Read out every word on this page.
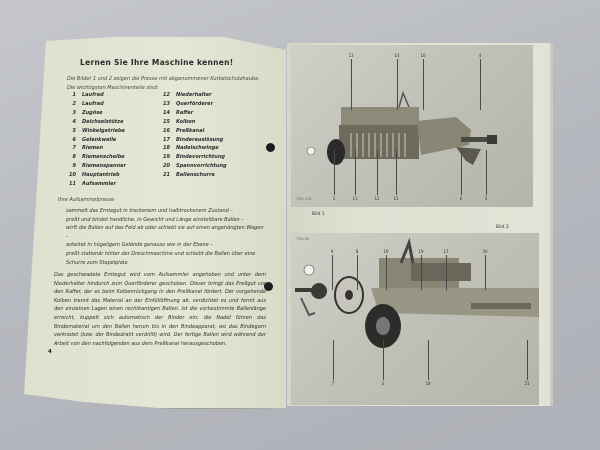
Lernen Sie Ihre Maschine kennen!
Die Bilder 1 und 2 zeigen die Presse mit abgenommener Kurbelschutzhaube. Die wichtigsten Maschinenteile sind:
1 Laufrad
2 Laufrad
3 Zugöse
4 Deichselstütze
5 Winkelgetriebe
6 Gelenkwelle
7 Riemen
8 Riemenscheibe
9 Riemenspanner
10 Hauptantrieb
11 Aufsammler
12 Niederhalter
13 Querförderer
14 Raffer
15 Kolben
16 Preßkanal
17 Binderauslösung
18 Nadelschwinge
19 Bindevorrichtung
20 Spannvorrichtung
21 Ballenschurre
Ihre Aufsammelpresse
sammelt das Erntegut in trockenem und halbtrockenem Zustand –
preßt und bindet handliche, in Gewicht und Länge einstellbare Ballen –
wirft die Ballen auf das Feld ab oder schiebt sie auf einen angehängten Wagen –
arbeitet in hügeligem Gelände genauso wie in der Ebene –
preßt stationär hinter der Dreschmaschine und schiebt die Ballen über eine Schurre zum Stapelplatz.
Das geschwadete Erntegut wird vom Aufsammler angehoben und unter dem Niederhalter hindurch zum Querförderer geschoben. Dieser bringt das Preßgut vor den Raffer, der es beim Kolbenrückgang in den Preßkanal fördert. Der vorgehende Kolben trennt das Material an der Einfüllöffnung ab, verdichtet es und formt aus den einzelnen Lagen einen rechtkantigen Ballen. Ist die vorbestimmte Ballenlänge erreicht, kuppelt sich automatisch der Binder ein: die Nadel führen das Bindematerial um den Ballen herum bis in den Bindeapparat, wo das Bindegarn verknotet (bzw. der Bindedraht verdrillt) wird. Der fertige Ballen wird während der Arbeit von den nachfolgenden aus dem Preßkanal herausgeschoben.
4
PS0-176
13	14	10	4
1	11	12	15	6	3
Bild 1
Bild 2
PS0-20
9	8	16	19	17	20
7	2	18	21
